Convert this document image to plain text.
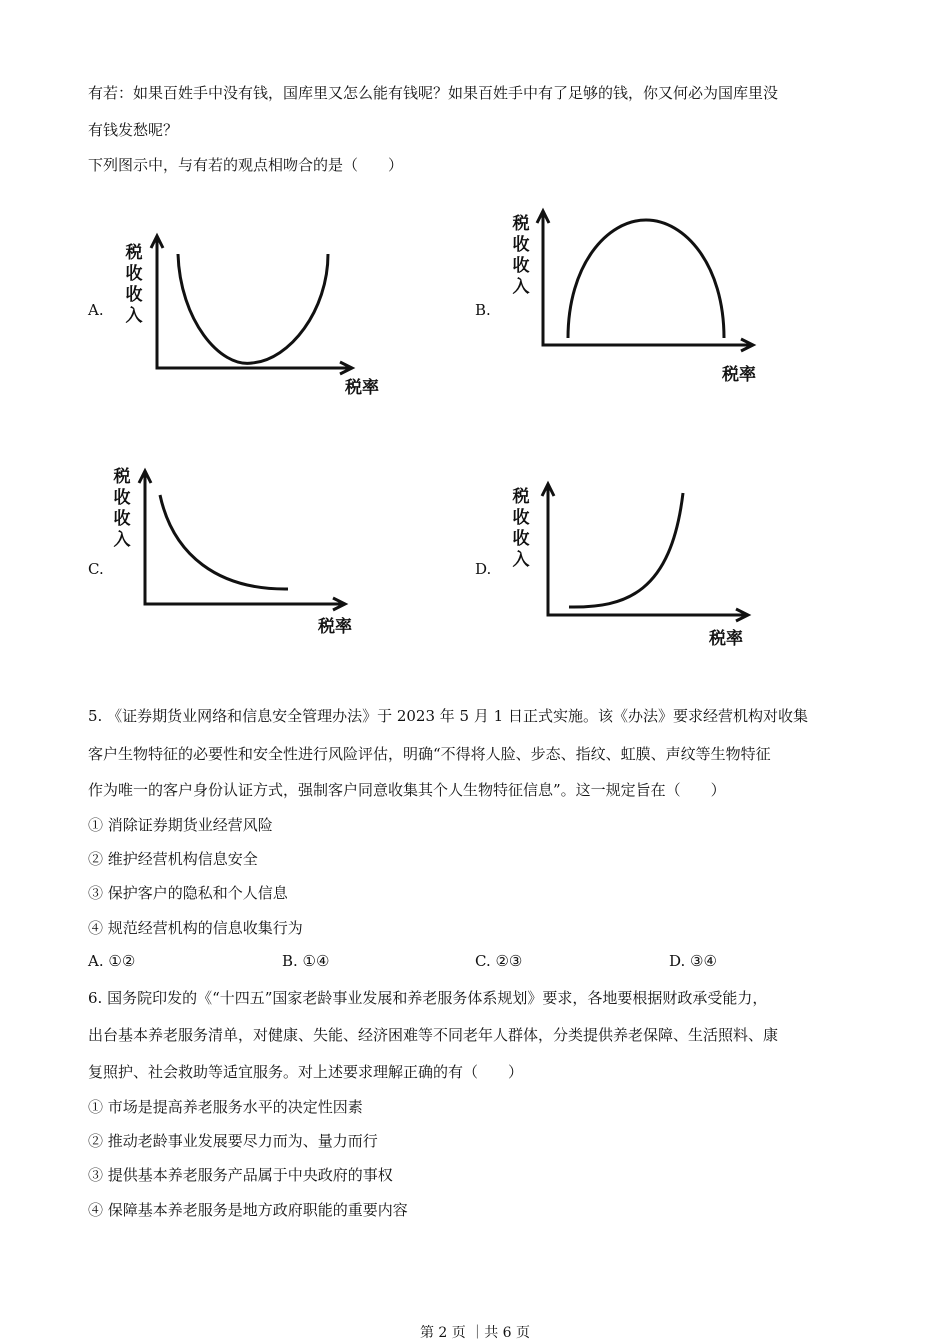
有若：如果百姓手中没有钱，国库里又怎么能有钱呢？如果百姓手中有了足够的钱，你又何必为国库里没
有钱发愁呢？
下列图示中，与有若的观点相吻合的是（　　）
A.
税
收
收
入
税率
B.
税
收
收
入
税率
C.
税
收
收
入
税率
D.
税
收
收
入
税率
5. 《证券期货业网络和信息安全管理办法》于 2023 年 5 月 1 日正式实施。该《办法》要求经营机构对收集
客户生物特征的必要性和安全性进行风险评估，明确“不得将人脸、步态、指纹、虹膜、声纹等生物特征
作为唯一的客户身份认证方式，强制客户同意收集其个人生物特征信息”。这一规定旨在（　　）
① 消除证券期货业经营风险
② 维护经营机构信息安全
③ 保护客户的隐私和个人信息
④ 规范经营机构的信息收集行为
A. ①②	B. ①④	C. ②③	D. ③④
6. 国务院印发的《“十四五”国家老龄事业发展和养老服务体系规划》要求，各地要根据财政承受能力，
出台基本养老服务清单，对健康、失能、经济困难等不同老年人群体，分类提供养老保障、生活照料、康
复照护、社会救助等适宜服务。对上述要求理解正确的有（　　）
① 市场是提高养老服务水平的决定性因素
② 推动老龄事业发展要尽力而为、量力而行
③ 提供基本养老服务产品属于中央政府的事权
④ 保障基本养老服务是地方政府职能的重要内容
第 2 页 ｜共 6 页
